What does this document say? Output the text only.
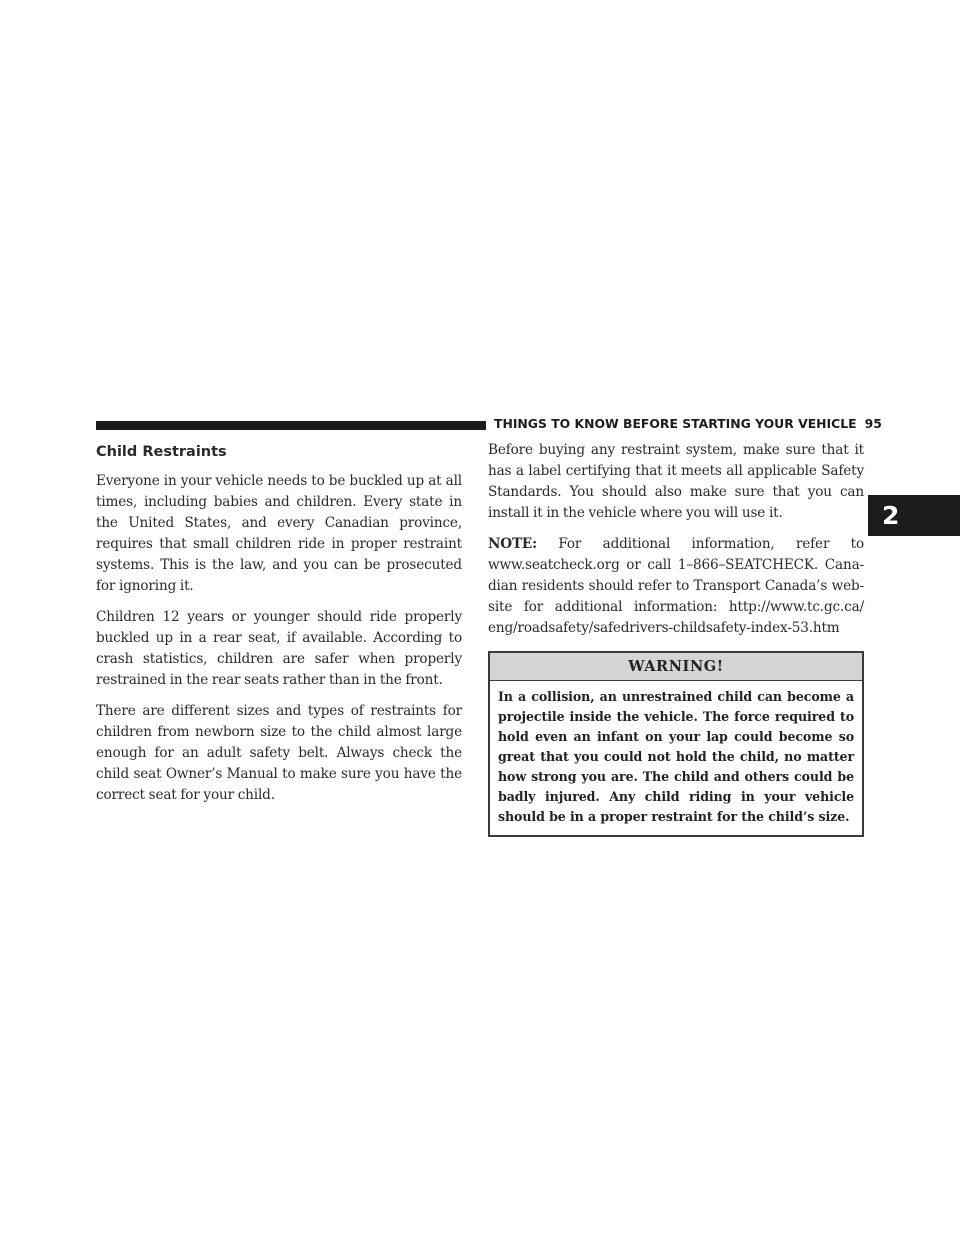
THINGS TO KNOW BEFORE STARTING YOUR VEHICLE 95
2
Child Restraints

Everyone in your vehicle needs to be buckled up at all times, including babies and children. Every state in the United States, and every Canadian province, requires that small children ride in proper restraint systems. This is the law, and you can be prosecuted for ignoring it.

Children 12 years or younger should ride properly buckled up in a rear seat, if available. According to crash statistics, children are safer when properly restrained in the rear seats rather than in the front.

There are different sizes and types of restraints for children from newborn size to the child almost large enough for an adult safety belt. Always check the child seat Owner’s Manual to make sure you have the correct seat for your child.

Before buying any restraint system, make sure that it has a label certifying that it meets all applicable Safety Standards. You should also make sure that you can install it in the vehicle where you will use it.

NOTE: For additional information, refer to www.seatcheck.org or call 1–866–SEATCHECK. Cana-dian residents should refer to Transport Canada’s web-site for additional information: http://www.tc.gc.ca/ eng/roadsafety/safedrivers-childsafety-index-53.htm

WARNING!
In a collision, an unrestrained child can become a projectile inside the vehicle. The force required to hold even an infant on your lap could become so great that you could not hold the child, no matter how strong you are. The child and others could be badly injured. Any child riding in your vehicle should be in a proper restraint for the child’s size.
